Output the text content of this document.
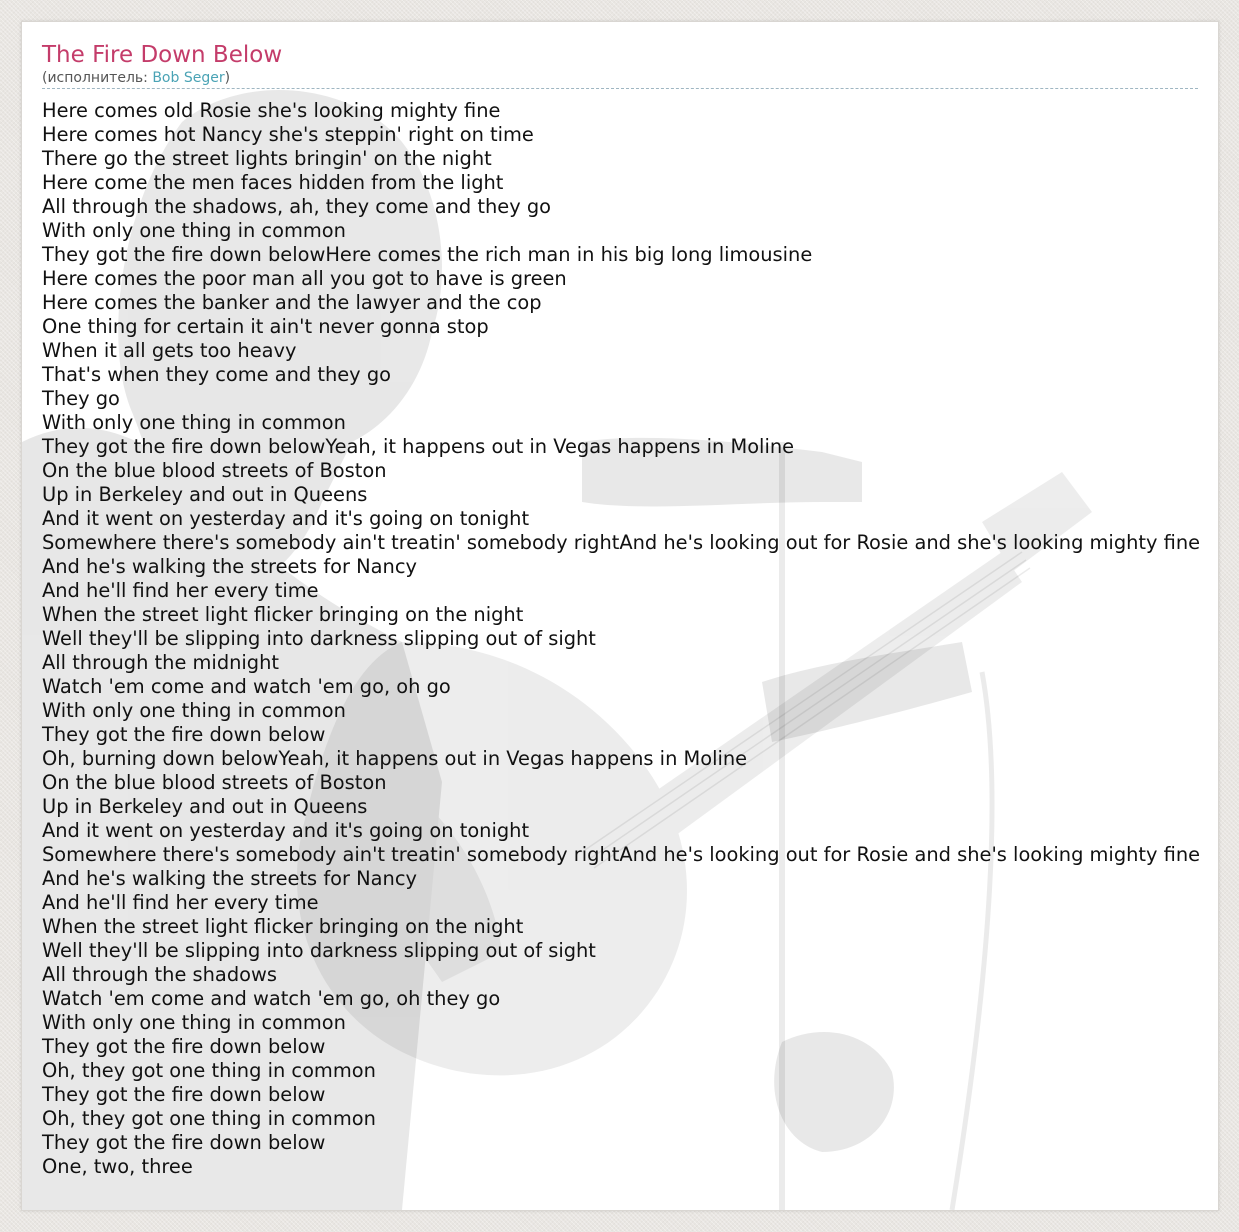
The Fire Down Below
(исполнитель: Bob Seger)
Here comes old Rosie she's looking mighty fine
Here comes hot Nancy she's steppin' right on time
There go the street lights bringin' on the night
Here come the men faces hidden from the light
All through the shadows, ah, they come and they go
With only one thing in common
They got the fire down belowHere comes the rich man in his big long limousine
Here comes the poor man all you got to have is green
Here comes the banker and the lawyer and the cop
One thing for certain it ain't never gonna stop
When it all gets too heavy
That's when they come and they go
They go
With only one thing in common
They got the fire down belowYeah, it happens out in Vegas happens in Moline
On the blue blood streets of Boston
Up in Berkeley and out in Queens
And it went on yesterday and it's going on tonight
Somewhere there's somebody ain't treatin' somebody rightAnd he's looking out for Rosie and she's looking mighty fine
And he's walking the streets for Nancy
And he'll find her every time
When the street light flicker bringing on the night
Well they'll be slipping into darkness slipping out of sight
All through the midnight
Watch 'em come and watch 'em go, oh go
With only one thing in common
They got the fire down below
Oh, burning down belowYeah, it happens out in Vegas happens in Moline
On the blue blood streets of Boston
Up in Berkeley and out in Queens
And it went on yesterday and it's going on tonight
Somewhere there's somebody ain't treatin' somebody rightAnd he's looking out for Rosie and she's looking mighty fine
And he's walking the streets for Nancy
And he'll find her every time
When the street light flicker bringing on the night
Well they'll be slipping into darkness slipping out of sight
All through the shadows
Watch 'em come and watch 'em go, oh they go
With only one thing in common
They got the fire down below
Oh, they got one thing in common
They got the fire down below
Oh, they got one thing in common
They got the fire down below
One, two, three
